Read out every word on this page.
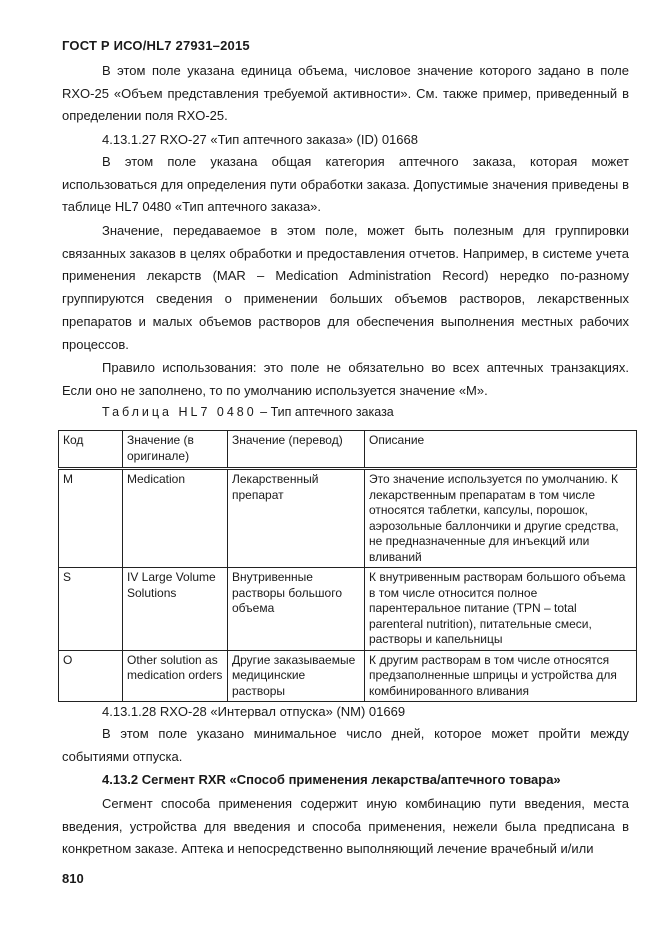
ГОСТ Р ИСО/HL7 27931–2015
В этом поле указана единица объема, числовое значение которого задано в поле RXO-25 «Объем представления требуемой активности». См. также пример, приведенный в определении поля RXO-25.
4.13.1.27 RXO-27 «Тип аптечного заказа» (ID) 01668
В этом поле указана общая категория аптечного заказа, которая может использоваться для определения пути обработки заказа. Допустимые значения приведены в таблице HL7 0480 «Тип аптечного заказа».
Значение, передаваемое в этом поле, может быть полезным для группировки связанных заказов в целях обработки и предоставления отчетов. Например, в системе учета применения лекарств (MAR – Medication Administration Record) нередко по-разному группируются сведения о применении больших объемов растворов, лекарственных препаратов и малых объемов растворов для обеспечения выполнения местных рабочих процессов.
Правило использования: это поле не обязательно во всех аптечных транзакциях. Если оно не заполнено, то по умолчанию используется значение «М».
Таблица HL7 0480 – Тип аптечного заказа
Код	Значение (в оригинале)	Значение (перевод)	Описание
M	Medication	Лекарственный препарат	Это значение используется по умолчанию. К лекарственным препаратам в том числе относятся таблетки, капсулы, порошок, аэрозольные баллончики и другие средства, не предназначенные для инъекций или вливаний
S	IV Large Volume Solutions	Внутривенные растворы большого объема	К внутривенным растворам большого объема в том числе относится полное парентеральное питание (TPN – total parenteral nutrition), питательные смеси, растворы и капельницы
O	Other solution as medication orders	Другие заказываемые медицинские растворы	К другим растворам в том числе относятся предзаполненные шприцы и устройства для комбинированного вливания
4.13.1.28 RXO-28 «Интервал отпуска» (NM) 01669
В этом поле указано минимальное число дней, которое может пройти между событиями отпуска.
4.13.2 Сегмент RXR «Способ применения лекарства/аптечного товара»
Сегмент способа применения содержит иную комбинацию пути введения, места введения, устройства для введения и способа применения, нежели была предписана в конкретном заказе. Аптека и непосредственно выполняющий лечение врачебный и/или
810
